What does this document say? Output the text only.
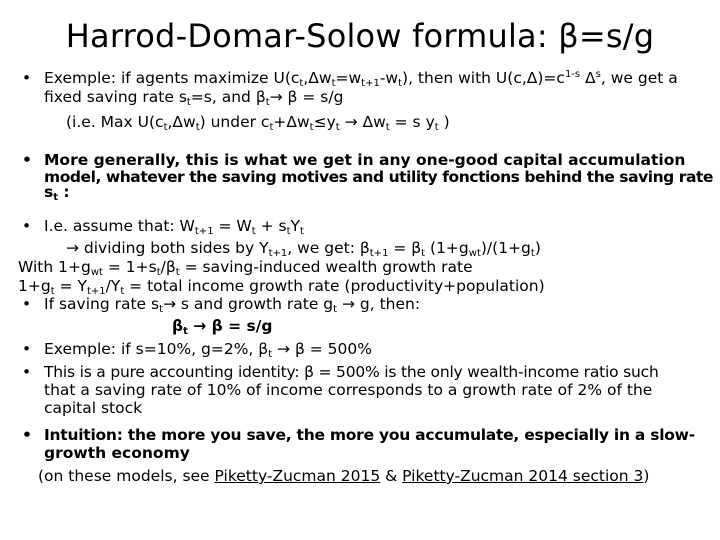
Harrod-Domar-Solow formula: β=s/g
• Exemple: if agents maximize $U(c_t,\Delta w_t=w_{t+1}-w_t)$, then with $U(c,\Delta)=c^{1-s}$ $\Delta^s$, we get a
fixed saving rate $s_t=s$, and $\beta_t\to \beta = s/g$
(i.e. Max $U(c_t,\Delta w_t)$ under $c_t+\Delta w_t\le y_t \to \Delta w_t = s$ $y_t$ )
• More generally, this is what we get in any one-good capital accumulation
model, whatever the saving motives and utility fonctions behind the saving rate
$s_t$ :
• I.e. assume that: $W_{t+1} = W_t + s_tY_t$
→ dividing both sides by $Y_{t+1}$, we get: $\beta_{t+1} = \beta_t$ $(1+g_{wt})/(1+g_t)$
With $1+g_{wt} = 1+s_t/\beta_t$ = saving-induced wealth growth rate
$1+g_t = Y_{t+1}/Y_t$ = total income growth rate (productivity+population)
• If saving rate $s_t\to s$ and growth rate $g_t \to g$, then:
$\beta_t \to \beta = s/g$
• Exemple: if s=10%, g=2%, $\beta_t \to \beta = 500\%$
• This is a pure accounting identity: β = 500% is the only wealth-income ratio such
that a saving rate of 10% of income corresponds to a growth rate of 2% of the
capital stock
• Intuition: the more you save, the more you accumulate, especially in a slow-
growth economy
(on these models, see Piketty-Zucman 2015 & Piketty-Zucman 2014 section 3)
